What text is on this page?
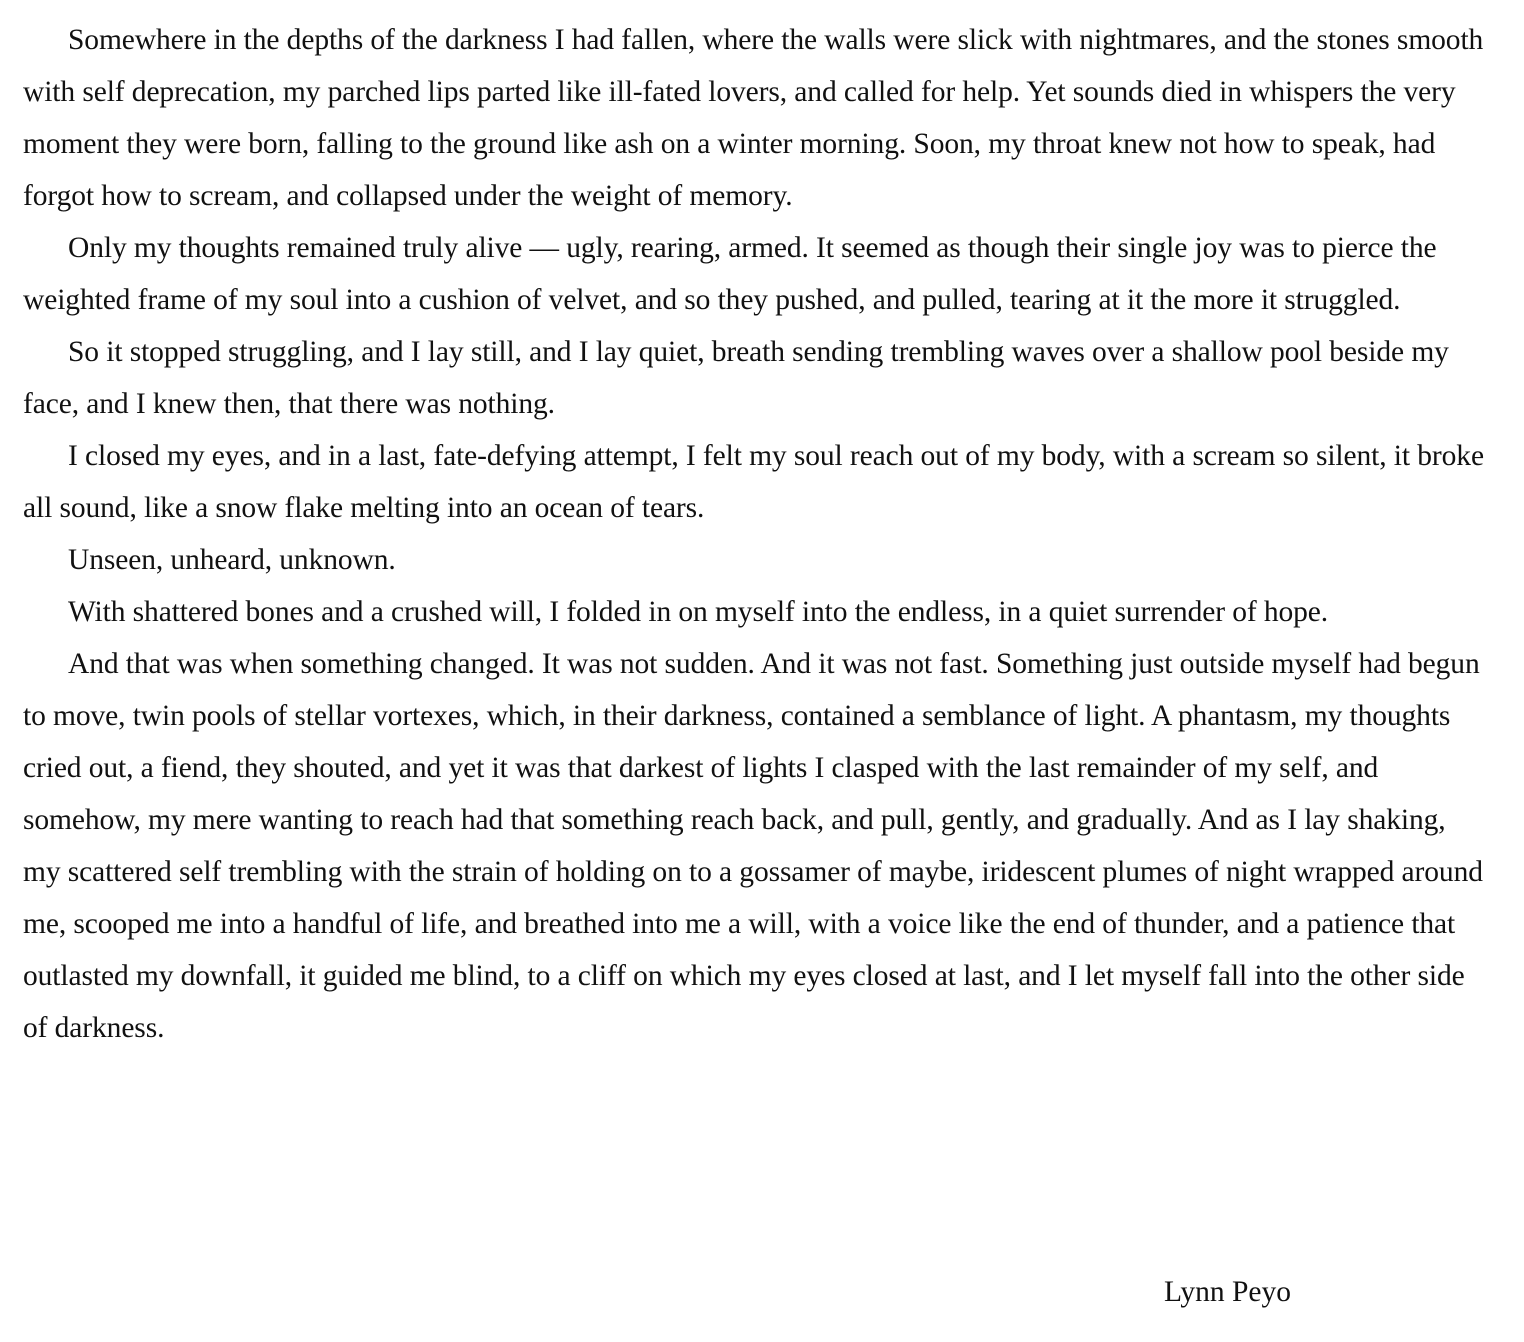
Somewhere in the depths of the darkness I had fallen, where the walls were slick with nightmares, and the stones smooth with self deprecation, my parched lips parted like ill-fated lovers, and called for help. Yet sounds died in whispers the very moment they were born, falling to the ground like ash on a winter morning. Soon, my throat knew not how to speak, had forgot how to scream, and collapsed under the weight of memory.

Only my thoughts remained truly alive — ugly, rearing, armed. It seemed as though their single joy was to pierce the weighted frame of my soul into a cushion of velvet, and so they pushed, and pulled, tearing at it the more it struggled.

So it stopped struggling, and I lay still, and I lay quiet, breath sending trembling waves over a shallow pool beside my face, and I knew then, that there was nothing.

I closed my eyes, and in a last, fate-defying attempt, I felt my soul reach out of my body, with a scream so silent, it broke all sound, like a snow flake melting into an ocean of tears.

Unseen, unheard, unknown.

With shattered bones and a crushed will, I folded in on myself into the endless, in a quiet surrender of hope.

And that was when something changed. It was not sudden. And it was not fast. Something just outside myself had begun to move, twin pools of stellar vortexes, which, in their darkness, contained a semblance of light. A phantasm, my thoughts cried out, a fiend, they shouted, and yet it was that darkest of lights I clasped with the last remainder of my self, and somehow, my mere wanting to reach had that something reach back, and pull, gently, and gradually. And as I lay shaking, my scattered self trembling with the strain of holding on to a gossamer of maybe, iridescent plumes of night wrapped around me, scooped me into a handful of life, and breathed into me a will, with a voice like the end of thunder, and a patience that outlasted my downfall, it guided me blind, to a cliff on which my eyes closed at last, and I let myself fall into the other side of darkness.

Lynn Peyo
